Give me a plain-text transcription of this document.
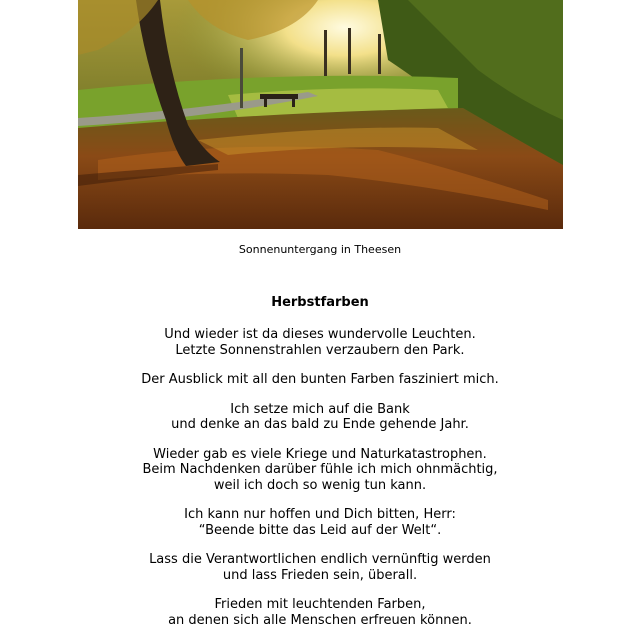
Sonnenuntergang in Theesen
Herbstfarben
Und wieder ist da dieses wundervolle Leuchten.
Letzte Sonnenstrahlen verzaubern den Park.
Der Ausblick mit all den bunten Farben fasziniert mich.
Ich setze mich auf die Bank
und denke an das bald zu Ende gehende Jahr.
Wieder gab es viele Kriege und Naturkatastrophen.
Beim Nachdenken darüber fühle ich mich ohnmächtig,
weil ich doch so wenig tun kann.
Ich kann nur hoffen und Dich bitten, Herr:
“Beende bitte das Leid auf der Welt“.
Lass die Verantwortlichen endlich vernünftig werden
und lass Frieden sein, überall.
Frieden mit leuchtenden Farben,
an denen sich alle Menschen erfreuen können.
